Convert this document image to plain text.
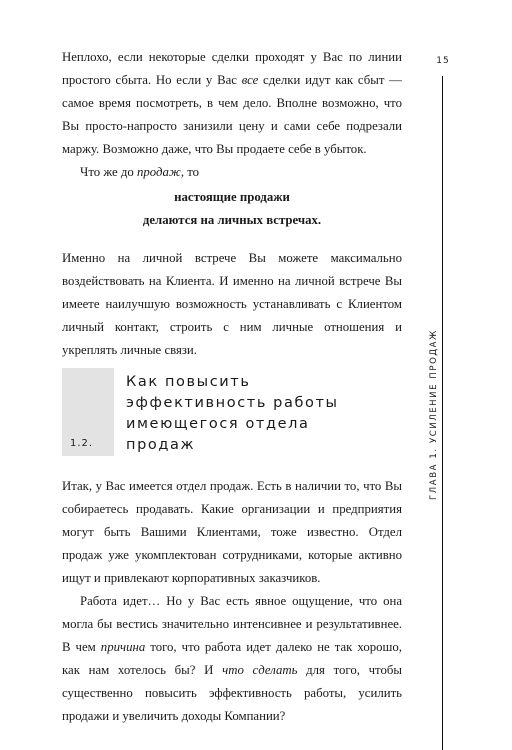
15
ГЛАВА 1. УСИЛЕНИЕ ПРОДАЖ

Неплохо, если некоторые сделки проходят у Вас по линии простого сбыта. Но если у Вас все сделки идут как сбыт — самое время посмотреть, в чем дело. Вполне возможно, что Вы просто-напросто занизили цену и сами себе подрезали маржу. Возможно даже, что Вы продаете себе в убыток.

Что же до продаж, то

настоящие продажи
делаются на личных встречах.

Именно на личной встрече Вы можете максимально воздействовать на Клиента. И именно на личной встрече Вы имеете наилучшую возможность устанавливать с Клиентом личный контакт, строить с ним личные отношения и укреплять личные связи.

1.2.
Как повысить
эффективность работы
имеющегося отдела
продаж

Итак, у Вас имеется отдел продаж. Есть в наличии то, что Вы собираетесь продавать. Какие организации и предприятия могут быть Вашими Клиентами, тоже известно. Отдел продаж уже укомплектован сотрудниками, которые активно ищут и привлекают корпоративных заказчиков.

Работа идет… Но у Вас есть явное ощущение, что она могла бы вестись значительно интенсивнее и результативнее. В чем причина того, что работа идет далеко не так хорошо, как нам хотелось бы? И что сделать для того, чтобы существенно повысить эффективность работы, усилить продажи и увеличить доходы Компании?
